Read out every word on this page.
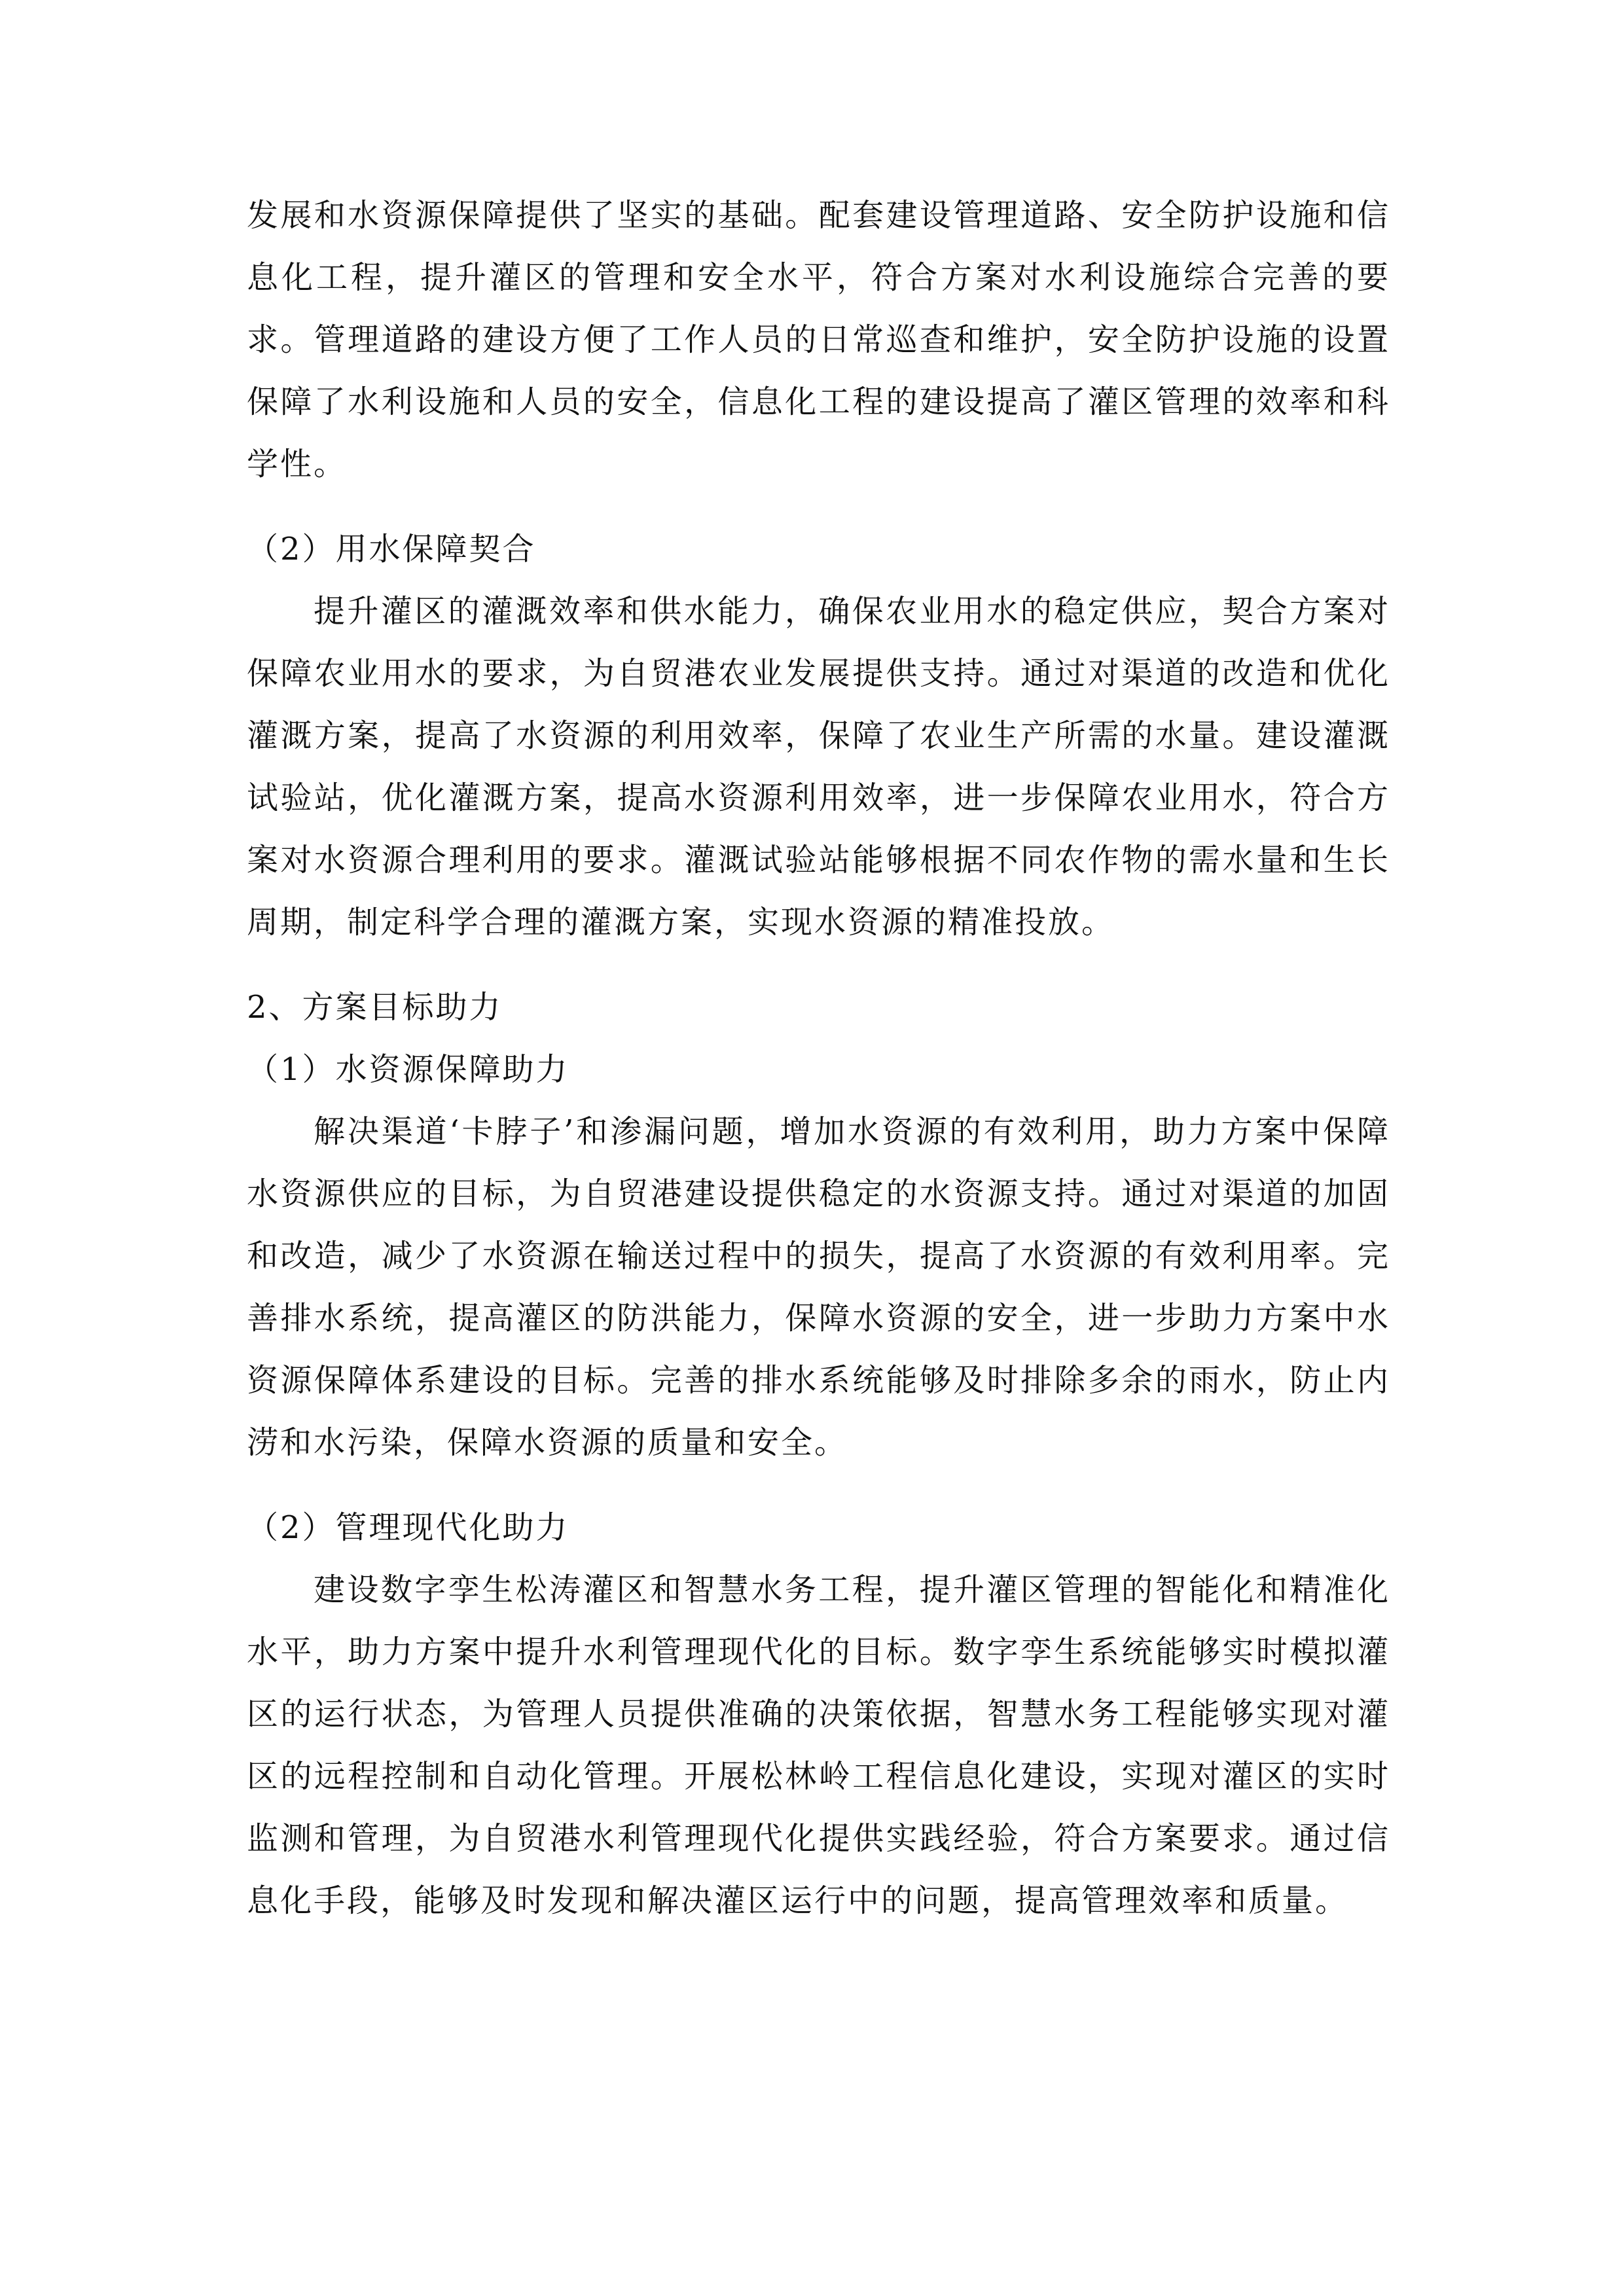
发展和水资源保障提供了坚实的基础。配套建设管理道路、安全防护设施和信息化工程，提升灌区的管理和安全水平，符合方案对水利设施综合完善的要求。管理道路的建设方便了工作人员的日常巡查和维护，安全防护设施的设置保障了水利设施和人员的安全，信息化工程的建设提高了灌区管理的效率和科学性。

（2）用水保障契合

提升灌区的灌溉效率和供水能力，确保农业用水的稳定供应，契合方案对保障农业用水的要求，为自贸港农业发展提供支持。通过对渠道的改造和优化灌溉方案，提高了水资源的利用效率，保障了农业生产所需的水量。建设灌溉试验站，优化灌溉方案，提高水资源利用效率，进一步保障农业用水，符合方案对水资源合理利用的要求。灌溉试验站能够根据不同农作物的需水量和生长周期，制定科学合理的灌溉方案，实现水资源的精准投放。

2、方案目标助力

（1）水资源保障助力

解决渠道‘卡脖子’和渗漏问题，增加水资源的有效利用，助力方案中保障水资源供应的目标，为自贸港建设提供稳定的水资源支持。通过对渠道的加固和改造，减少了水资源在输送过程中的损失，提高了水资源的有效利用率。完善排水系统，提高灌区的防洪能力，保障水资源的安全，进一步助力方案中水资源保障体系建设的目标。完善的排水系统能够及时排除多余的雨水，防止内涝和水污染，保障水资源的质量和安全。

（2）管理现代化助力

建设数字孪生松涛灌区和智慧水务工程，提升灌区管理的智能化和精准化水平，助力方案中提升水利管理现代化的目标。数字孪生系统能够实时模拟灌区的运行状态，为管理人员提供准确的决策依据，智慧水务工程能够实现对灌区的远程控制和自动化管理。开展松林岭工程信息化建设，实现对灌区的实时监测和管理，为自贸港水利管理现代化提供实践经验，符合方案要求。通过信息化手段，能够及时发现和解决灌区运行中的问题，提高管理效率和质量。
